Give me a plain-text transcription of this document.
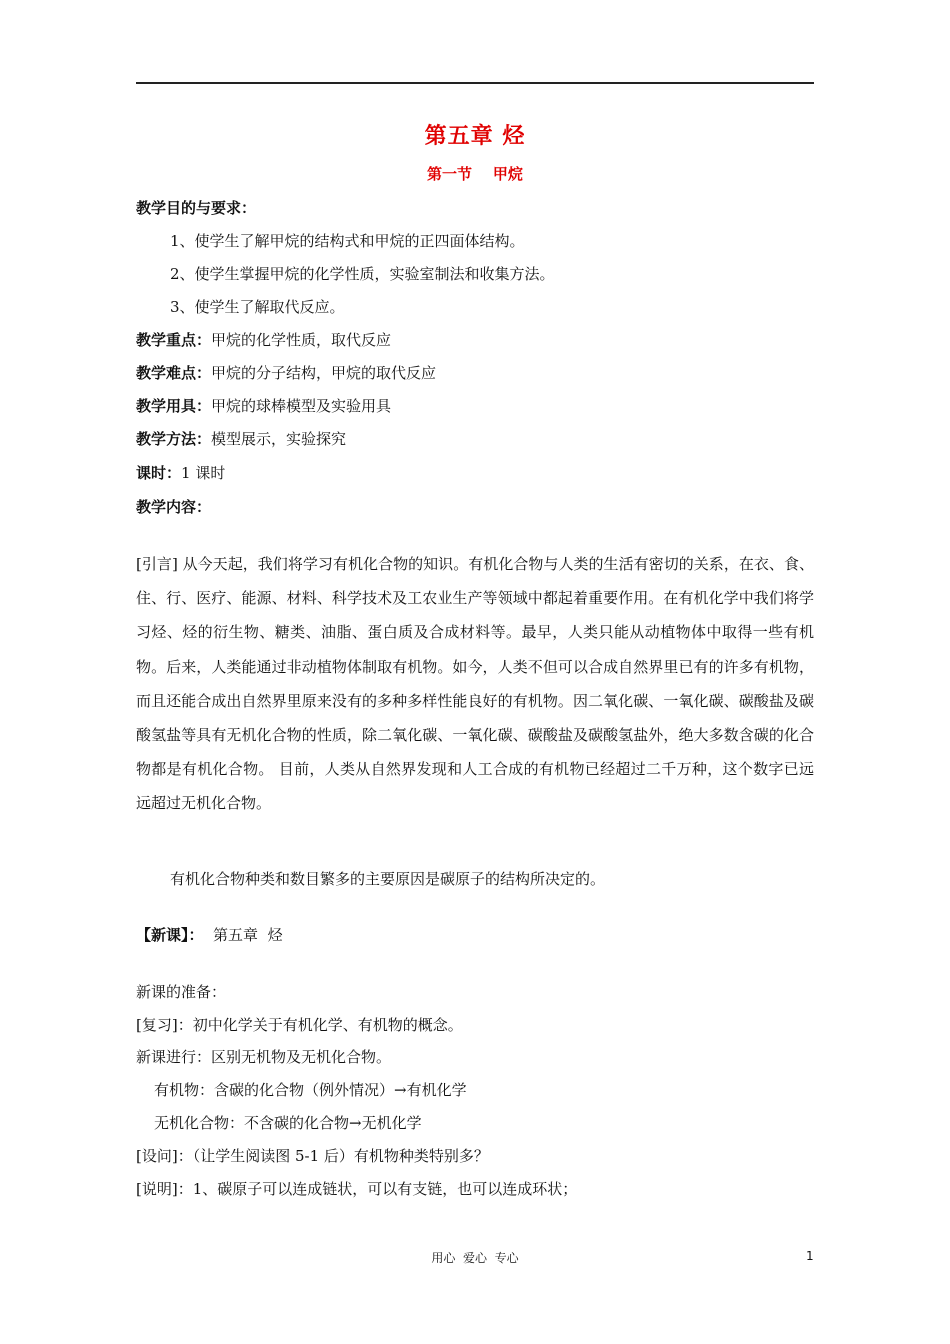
第五章 烃
第一节    甲烷
教学目的与要求：
1、使学生了解甲烷的结构式和甲烷的正四面体结构。
2、使学生掌握甲烷的化学性质，实验室制法和收集方法。
3、使学生了解取代反应。
教学重点：甲烷的化学性质，取代反应
教学难点：甲烷的分子结构，甲烷的取代反应
教学用具：甲烷的球棒模型及实验用具
教学方法：模型展示，实验探究
课时：1 课时
教学内容：
[引言] 从今天起，我们将学习有机化合物的知识。有机化合物与人类的生活有密切的关系，在衣、食、住、行、医疗、能源、材料、科学技术及工农业生产等领域中都起着重要作用。在有机化学中我们将学习烃、烃的衍生物、糖类、油脂、蛋白质及合成材料等。最早，人类只能从动植物体中取得一些有机物。后来，人类能通过非动植物体制取有机物。如今，人类不但可以合成自然界里已有的许多有机物，而且还能合成出自然界里原来没有的多种多样性能良好的有机物。因二氧化碳、一氧化碳、碳酸盐及碳酸氢盐等具有无机化合物的性质，除二氧化碳、一氧化碳、碳酸盐及碳酸氢盐外，绝大多数含碳的化合物都是有机化合物。 目前，人类从自然界发现和人工合成的有机物已经超过二千万种，这个数字已远远超过无机化合物。
有机化合物种类和数目繁多的主要原因是碳原子的结构所决定的。
【新课】：  第五章  烃
新课的准备：
[复习]：初中化学关于有机化学、有机物的概念。
新课进行：区别无机物及无机化合物。
有机物：含碳的化合物（例外情况）→有机化学
无机化合物：不含碳的化合物→无机化学
[设问]：（让学生阅读图 5-1 后）有机物种类特别多？
[说明]：1、碳原子可以连成链状，可以有支链，也可以连成环状；
用心  爱心  专心	1
